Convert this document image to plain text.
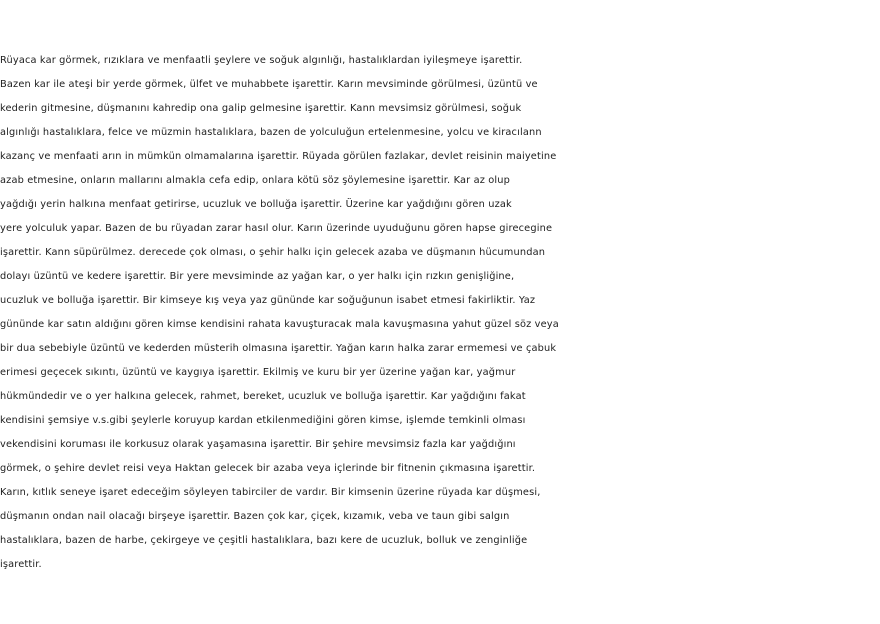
Rüyaca kar görmek, rızıklara ve menfaatli şeylere ve soğuk algınlığı, hastalıklardan iyileşmeye işarettir.

Bazen kar ile ateşi bir yerde görmek, ülfet ve muhabbete işarettir. Karın mevsiminde görülmesi, üzüntü ve

kederin gitmesine, düşmanını kahredip ona galip gelmesine işarettir. Kann mevsimsiz görülmesi, soğuk

algınlığı hastalıklara, felce ve müzmin hastalıklara, bazen de yolculuğun ertelenmesine, yolcu ve kiracılann

kazanç ve menfaati arın in mümkün olmamalarına işarettir. Rüyada görülen fazlakar, devlet reisinin maiyetine

azab etmesine, onların mallarını almakla cefa edip, onlara kötü söz şöylemesine işarettir. Kar az olup

yağdığı yerin halkına menfaat getirirse, ucuzluk ve bolluğa işarettir. Üzerine kar yağdığını gören uzak

yere yolculuk yapar. Bazen de bu rüyadan zarar hasıl olur. Karın üzerinde uyuduğunu gören hapse girecegine

işarettir. Kann süpürülmez. derecede çok olması, o şehir halkı için gelecek azaba ve düşmanın hücumundan

dolayı üzüntü ve kedere işarettir. Bir yere mevsiminde az yağan kar, o yer halkı için rızkın genişliğine,

ucuzluk ve bolluğa işarettir. Bir kimseye kış veya yaz gününde kar soğuğunun isabet etmesi fakirliktir. Yaz

gününde kar satın aldığını gören kimse kendisini rahata kavuşturacak mala kavuşmasına yahut güzel söz veya

bir dua sebebiyle üzüntü ve kederden müsterih olmasına işarettir. Yağan karın halka zarar ermemesi ve çabuk

erimesi geçecek sıkıntı, üzüntü ve kaygıya işarettir. Ekilmiş ve kuru bir yer üzerine yağan kar, yağmur

hükmündedir ve o yer halkına gelecek, rahmet, bereket, ucuzluk ve bolluğa işarettir. Kar yağdığını fakat

kendisini şemsiye v.s.gibi şeylerle koruyup kardan etkilenmediğini gören kimse, işlemde temkinli olması

vekendisini koruması ile korkusuz olarak yaşamasına işarettir. Bir şehire mevsimsiz fazla kar yağdığını

görmek, o şehire devlet reisi veya Haktan gelecek bir azaba veya içlerinde bir fitnenin çıkmasına işarettir.

Karın, kıtlık seneye işaret edeceğim söyleyen tabirciler de vardır. Bir kimsenin üzerine rüyada kar düşmesi,

düşmanın ondan nail olacağı birşeye işarettir. Bazen çok kar, çiçek, kızamık, veba ve taun gibi salgın

hastalıklara, bazen de harbe, çekirgeye ve çeşitli hastalıklara, bazı kere de ucuzluk, bolluk ve zenginliğe

işarettir.
